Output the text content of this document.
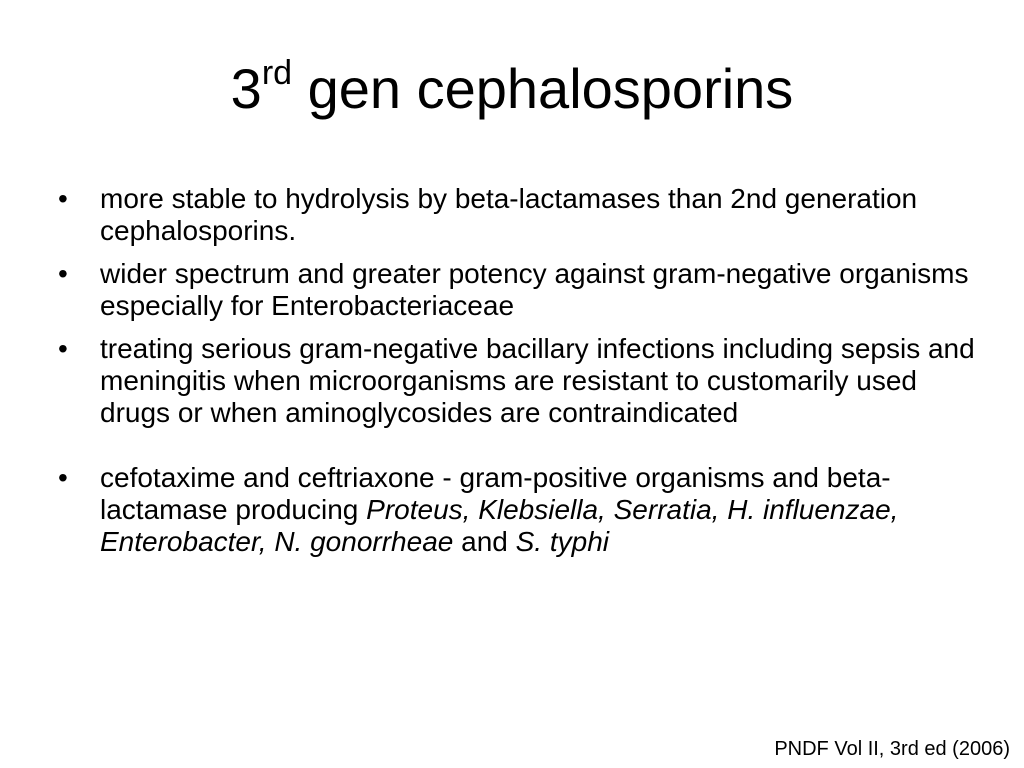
3rd gen cephalosporins
• more stable to hydrolysis by beta-lactamases than 2nd generation cephalosporins.
• wider spectrum and greater potency against gram-negative organisms especially for Enterobacteriaceae
• treating serious gram-negative bacillary infections including sepsis and meningitis when microorganisms are resistant to customarily used drugs or when aminoglycosides are contraindicated
• cefotaxime and ceftriaxone - gram-positive organisms and beta-lactamase producing Proteus, Klebsiella, Serratia, H. influenzae, Enterobacter, N. gonorrheae and S. typhi
PNDF Vol II, 3rd ed (2006)
